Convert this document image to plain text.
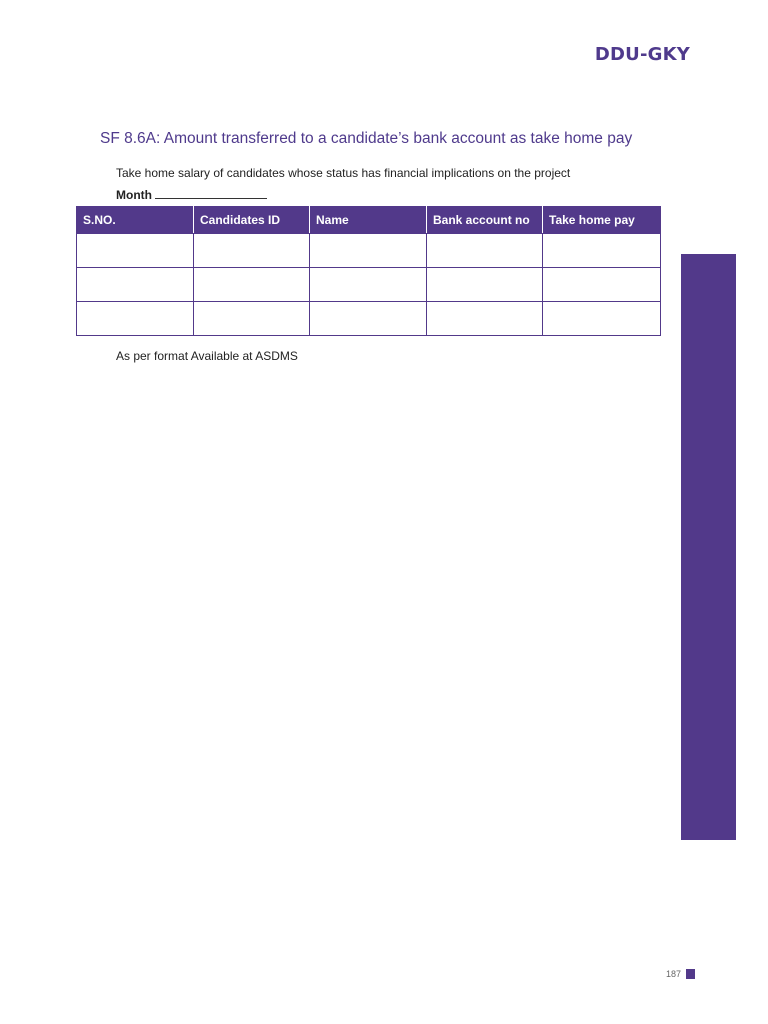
DDU-GKY
SF 8.6A: Amount transferred to a candidate’s bank account as take home pay

Take home salary of candidates whose status has financial implications on the project

Month
S.NO.	Candidates ID	Name	Bank account no	Take home pay

As per format Available at ASDMS

187
